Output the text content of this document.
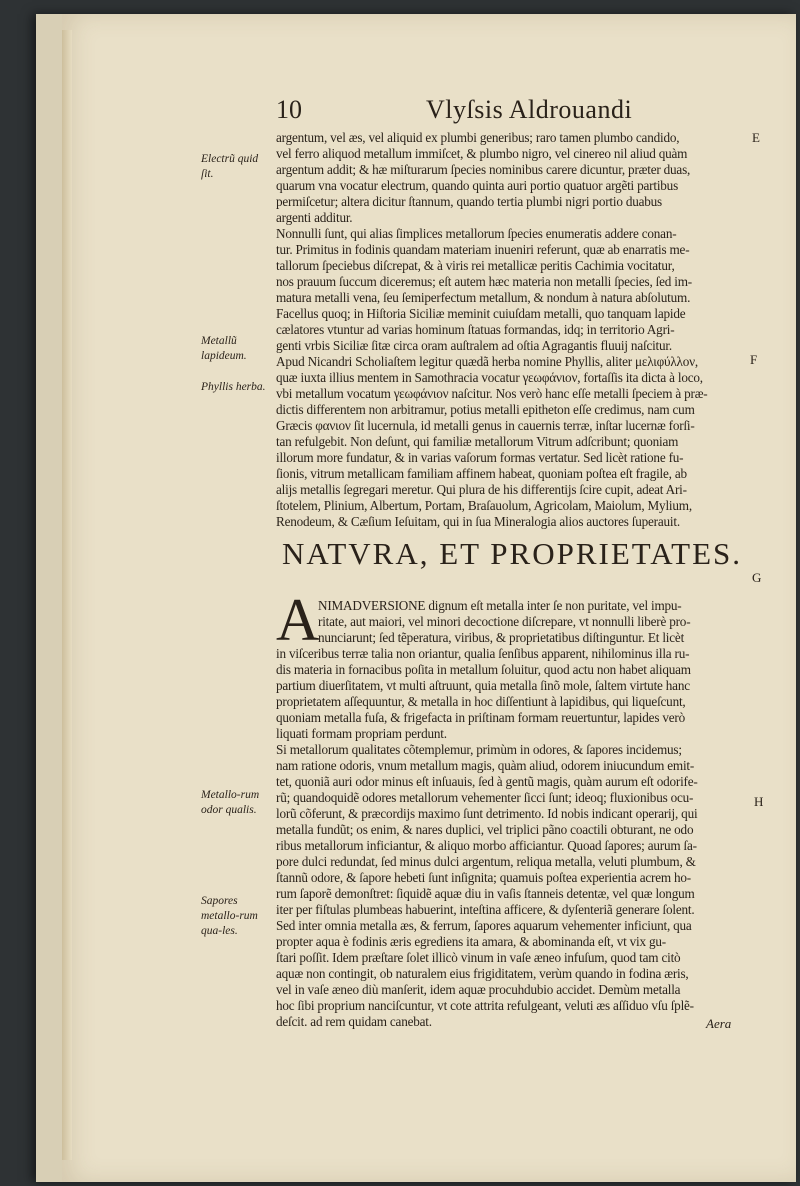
10	Vlyſsis Aldrouandi
E
F
G
H
Electrũ quid ſit.
Metallũ lapideum.
Phyllis herba.
Metallo-rum odor qualis.
Sapores metallo-rum qua-les.
argentum, vel æs, vel aliquid ex plumbi generibus; raro tamen plumbo candido,
vel ferro aliquod metallum immiſcet, & plumbo nigro, vel cinereo nil aliud quàm
argentum addit; & hæ miſturarum ſpecies nominibus carere dicuntur, præter duas,
quarum vna vocatur electrum, quando quinta auri portio quatuor argẽti partibus
permiſcetur; altera dicitur ſtannum, quando tertia plumbi nigri portio duabus
argenti additur.
Nonnulli ſunt, qui alias ſimplices metallorum ſpecies enumeratis addere conan-
tur. Primitus in fodinis quandam materiam inueniri referunt, quæ ab enarratis me-
tallorum ſpeciebus diſcrepat, & à viris rei metallicæ peritis Cachimia vocitatur,
nos prauum ſuccum diceremus; eſt autem hæc materia non metalli ſpecies, ſed im-
matura metalli vena, ſeu ſemiperfectum metallum, & nondum à natura abſolutum.
Facellus quoq; in Hiſtoria Siciliæ meminit cuiuſdam metalli, quo tanquam lapide
cælatores vtuntur ad varias hominum ſtatuas formandas, idq; in territorio Agri-
genti vrbis Siciliæ ſitæ circa oram auſtralem ad oſtia Agragantis fluuij naſcitur.
Apud Nicandri Scholiaſtem legitur quædã herba nomine Phyllis, aliter μελιφύλλον,
quæ iuxta illius mentem in Samothracia vocatur γεωφάνιον, fortaſſis ita dicta à loco,
vbi metallum vocatum γεωφάνιον naſcitur. Nos verò hanc eſſe metalli ſpeciem à præ-
dictis differentem non arbitramur, potius metalli epitheton eſſe credimus, nam cum
Græcis φανιον ſit lucernula, id metalli genus in cauernis terræ, inſtar lucernæ forſi-
tan refulgebit. Non deſunt, qui familiæ metallorum Vitrum adſcribunt; quoniam
illorum more fundatur, & in varias vaſorum formas vertatur. Sed licèt ratione fu-
ſionis, vitrum metallicam familiam affinem habeat, quoniam poſtea eſt fragile, ab
alijs metallis ſegregari meretur. Qui plura de his differentijs ſcire cupit, adeat Ari-
ſtotelem, Plinium, Albertum, Portam, Braſauolum, Agricolam, Maiolum, Mylium,
Renodeum, & Cæſium Ieſuitam, qui in ſua Mineralogia alios auctores ſuperauit.
NATVRA, ET PROPRIETATES.
A
NIMADVERSIONE dignum eſt metalla inter ſe non puritate, vel impu-
ritate, aut maiori, vel minori decoctione diſcrepare, vt nonnulli liberè pro-
nunciarunt; ſed tẽperatura, viribus, & proprietatibus diſtinguntur. Et licèt
in viſceribus terræ talia non oriantur, qualia ſenſibus apparent, nihilominus illa ru-
dis materia in fornacibus poſita in metallum ſoluitur, quod actu non habet aliquam
partium diuerſitatem, vt multi aſtruunt, quia metalla ſinõ mole, ſaltem virtute hanc
proprietatem aſſequuntur, & metalla in hoc diſſentiunt à lapidibus, qui liqueſcunt,
quoniam metalla fuſa, & frigefacta in priſtinam formam reuertuntur, lapides verò
liquati formam propriam perdunt.
Si metallorum qualitates cõtemplemur, primùm in odores, & ſapores incidemus;
nam ratione odoris, vnum metallum magis, quàm aliud, odorem iniucundum emit-
tet, quoniã auri odor minus eſt inſuauis, ſed à gentũ magis, quàm aurum eſt odorife-
rũ; quandoquidẽ odores metallorum vehementer ſicci ſunt; ideoq; fluxionibus ocu-
lorũ cõferunt, & præcordijs maximo ſunt detrimento. Id nobis indicant operarij, qui
metalla fundũt; os enim, & nares duplici, vel triplici pãno coactili obturant, ne odo
ribus metallorum inficiantur, & aliquo morbo afficiantur. Quoad ſapores; aurum ſa-
pore dulci redundat, ſed minus dulci argentum, reliqua metalla, veluti plumbum, &
ſtannũ odore, & ſapore hebeti ſunt inſignita; quamuis poſtea experientia acrem ho-
rum ſaporẽ demonſtret: ſiquidẽ aquæ diu in vaſis ſtanneis detentæ, vel quæ longum
iter per fiſtulas plumbeas habuerint, inteſtina afficere, & dyſenteriã generare ſolent.
Sed inter omnia metalla æs, & ferrum, ſapores aquarum vehementer inficiunt, qua
propter aqua è fodinis æris egrediens ita amara, & abominanda eſt, vt vix gu-
ſtari poſſit. Idem præſtare ſolet illicò vinum in vaſe æneo infuſum, quod tam citò
aquæ non contingit, ob naturalem eius frigiditatem, verùm quando in fodina æris,
vel in vaſe æneo diù manſerit, idem aquæ procuhdubio accidet. Demùm metalla
hoc ſibi proprium nanciſcuntur, vt cote attrita refulgeant, veluti æs aſſiduo vſu ſplẽ-
deſcit. ad rem quidam canebat.	Aera
